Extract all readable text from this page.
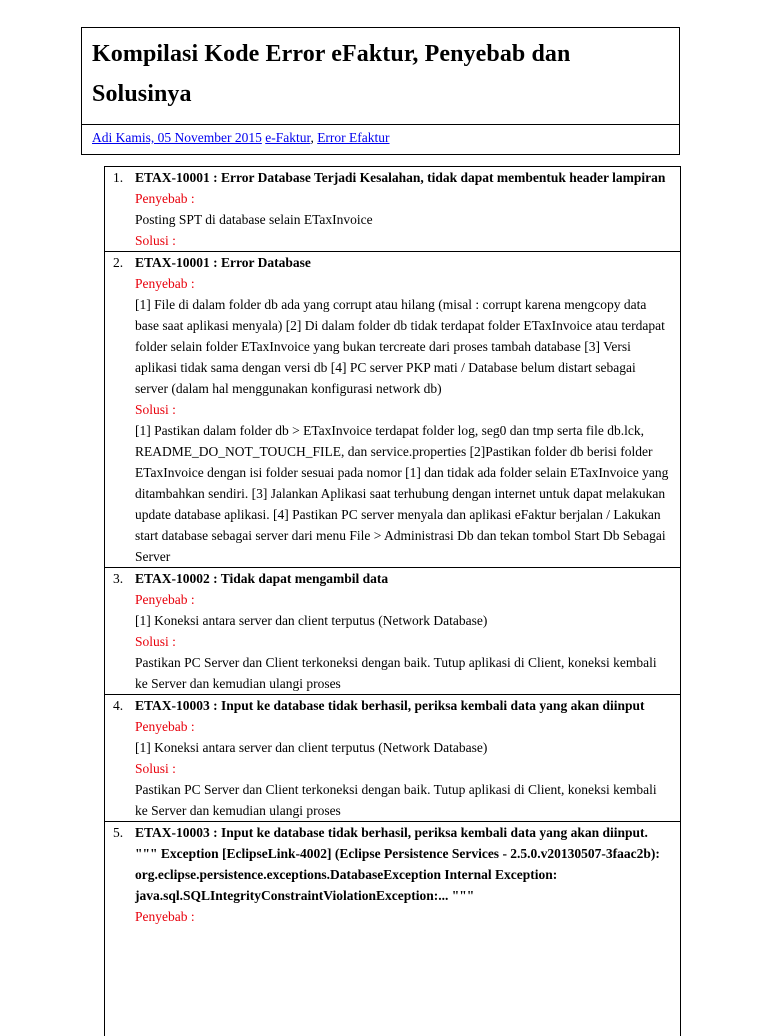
Kompilasi Kode Error eFaktur, Penyebab dan Solusinya
Adi Kamis, 05 November 2015 e-Faktur, Error Efaktur
1. ETAX-10001 : Error Database Terjadi Kesalahan, tidak dapat membentuk header lampiran
Penyebab :
Posting SPT di database selain ETaxInvoice
Solusi :
2. ETAX-10001 : Error Database
Penyebab :
[1] File di dalam folder db ada yang corrupt atau hilang (misal : corrupt karena mengcopy data base saat aplikasi menyala) [2] Di dalam folder db tidak terdapat folder ETaxInvoice atau terdapat folder selain folder ETaxInvoice yang bukan tercreate dari proses tambah database [3] Versi aplikasi tidak sama dengan versi db [4] PC server PKP mati / Database belum distart sebagai server (dalam hal menggunakan konfigurasi network db)
Solusi :
[1] Pastikan dalam folder db > ETaxInvoice terdapat folder log, seg0 dan tmp serta file db.lck, README_DO_NOT_TOUCH_FILE, dan service.properties [2]Pastikan folder db berisi folder ETaxInvoice dengan isi folder sesuai pada nomor [1] dan tidak ada folder selain ETaxInvoice yang ditambahkan sendiri. [3] Jalankan Aplikasi saat terhubung dengan internet untuk dapat melakukan update database aplikasi. [4] Pastikan PC server menyala dan aplikasi eFaktur berjalan / Lakukan start database sebagai server dari menu File > Administrasi Db dan tekan tombol Start Db Sebagai Server
3. ETAX-10002 : Tidak dapat mengambil data
Penyebab :
[1] Koneksi antara server dan client terputus (Network Database)
Solusi :
Pastikan PC Server dan Client terkoneksi dengan baik. Tutup aplikasi di Client, koneksi kembali ke Server dan kemudian ulangi proses
4. ETAX-10003 : Input ke database tidak berhasil, periksa kembali data yang akan diinput
Penyebab :
[1] Koneksi antara server dan client terputus (Network Database)
Solusi :
Pastikan PC Server dan Client terkoneksi dengan baik. Tutup aplikasi di Client, koneksi kembali ke Server dan kemudian ulangi proses
5. ETAX-10003 : Input ke database tidak berhasil, periksa kembali data yang akan diinput. """ Exception [EclipseLink-4002] (Eclipse Persistence Services - 2.5.0.v20130507-3faac2b): org.eclipse.persistence.exceptions.DatabaseException Internal Exception: java.sql.SQLIntegrityConstraintViolationException:... """
Penyebab :
